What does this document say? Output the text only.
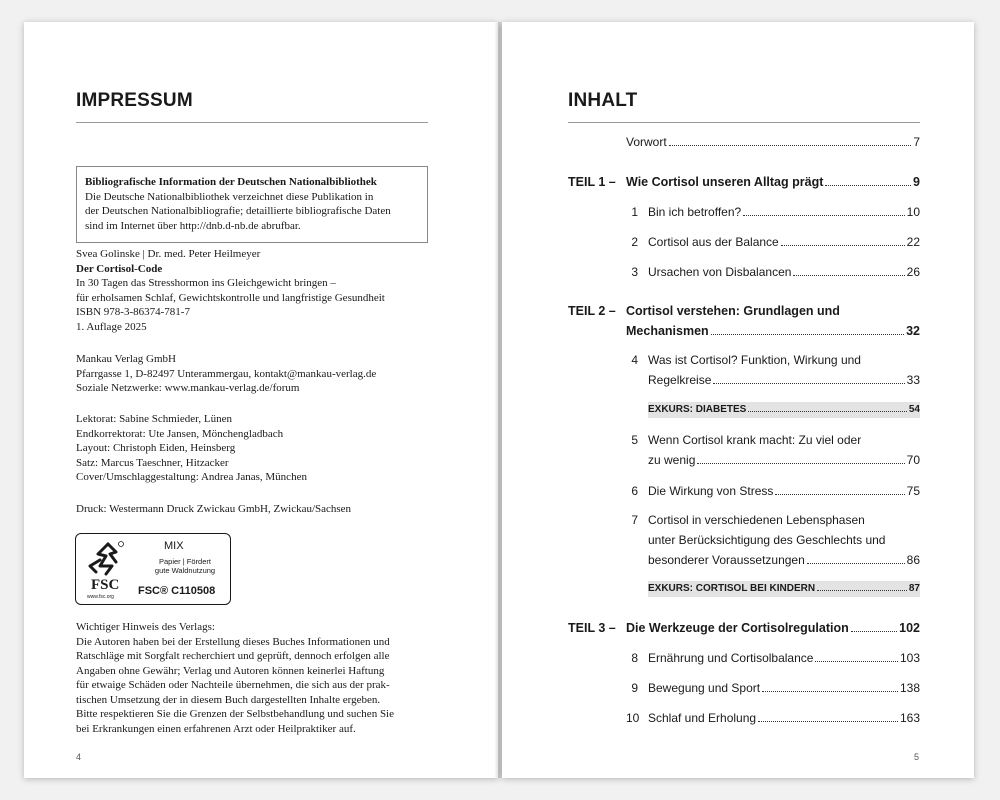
IMPRESSUM
Bibliografische Information der Deutschen Nationalbibliothek
Die Deutsche Nationalbibliothek verzeichnet diese Publikation in
der Deutschen Nationalbibliografie; detaillierte bibliografische Daten
sind im Internet über http://dnb.d-nb.de abrufbar.
Svea Golinske | Dr. med. Peter Heilmeyer
Der Cortisol-Code
In 30 Tagen das Stresshormon ins Gleichgewicht bringen –
für erholsamen Schlaf, Gewichtskontrolle und langfristige Gesundheit
ISBN 978-3-86374-781-7
1. Auflage 2025
Mankau Verlag GmbH
Pfarrgasse 1, D-82497 Unterammergau, kontakt@mankau-verlag.de
Soziale Netzwerke: www.mankau-verlag.de/forum
Lektorat: Sabine Schmieder, Lünen
Endkorrektorat: Ute Jansen, Mönchengladbach
Layout: Christoph Eiden, Heinsberg
Satz: Marcus Taeschner, Hitzacker
Cover/Umschlaggestaltung: Andrea Janas, München
Druck: Westermann Druck Zwickau GmbH, Zwickau/Sachsen
FSC
www.fsc.org
MIX
Papier | Fördert
gute Waldnutzung
FSC® C110508
Wichtiger Hinweis des Verlags:
Die Autoren haben bei der Erstellung dieses Buches Informationen und
Ratschläge mit Sorgfalt recherchiert und geprüft, dennoch erfolgen alle
Angaben ohne Gewähr; Verlag und Autoren können keinerlei Haftung
für etwaige Schäden oder Nachteile übernehmen, die sich aus der prak-
tischen Umsetzung der in diesem Buch dargestellten Inhalte ergeben.
Bitte respektieren Sie die Grenzen der Selbstbehandlung und suchen Sie
bei Erkrankungen einen erfahrenen Arzt oder Heilpraktiker auf.
4
INHALT
Vorwort	7
TEIL 1 – Wie Cortisol unseren Alltag prägt	9
1 Bin ich betroffen?	10
2 Cortisol aus der Balance	22
3 Ursachen von Disbalancen	26
TEIL 2 – Cortisol verstehen: Grundlagen und
Mechanismen	32
4 Was ist Cortisol? Funktion, Wirkung und
Regelkreise	33
EXKURS: DIABETES	54
5 Wenn Cortisol krank macht: Zu viel oder
zu wenig	70
6 Die Wirkung von Stress	75
7 Cortisol in verschiedenen Lebensphasen
unter Berücksichtigung des Geschlechts und
besonderer Voraussetzungen	86
EXKURS: CORTISOL BEI KINDERN	87
TEIL 3 – Die Werkzeuge der Cortisolregulation	102
8 Ernährung und Cortisolbalance	103
9 Bewegung und Sport	138
10 Schlaf und Erholung	163
5
